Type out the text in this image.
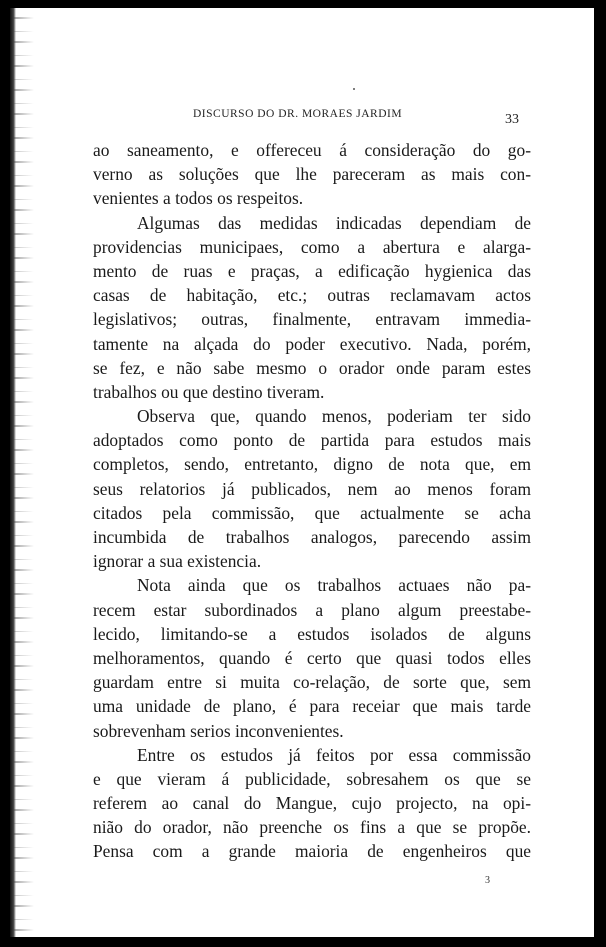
DISCURSO DO DR. MORAES JARDIM	33
ao saneamento, e offereceu á consideração do go-
verno as soluções que lhe pareceram as mais con-
venientes a todos os respeitos.
Algumas das medidas indicadas dependiam de
providencias municipaes, como a abertura e alarga-
mento de ruas e praças, a edificação hygienica das
casas de habitação, etc.; outras reclamavam actos
legislativos; outras, finalmente, entravam immedia-
tamente na alçada do poder executivo. Nada, porém,
se fez, e não sabe mesmo o orador onde param estes
trabalhos ou que destino tiveram.
Observa que, quando menos, poderiam ter sido
adoptados como ponto de partida para estudos mais
completos, sendo, entretanto, digno de nota que, em
seus relatorios já publicados, nem ao menos foram
citados pela commissão, que actualmente se acha
incumbida de trabalhos analogos, parecendo assim
ignorar a sua existencia.
Nota ainda que os trabalhos actuaes não pa-
recem estar subordinados a plano algum preestabe-
lecido, limitando-se a estudos isolados de alguns
melhoramentos, quando é certo que quasi todos elles
guardam entre si muita co-relação, de sorte que, sem
uma unidade de plano, é para receiar que mais tarde
sobrevenham serios inconvenientes.
Entre os estudos já feitos por essa commissão
e que vieram á publicidade, sobresahem os que se
referem ao canal do Mangue, cujo projecto, na opi-
nião do orador, não preenche os fins a que se propõe.
Pensa com a grande maioria de engenheiros que
3
